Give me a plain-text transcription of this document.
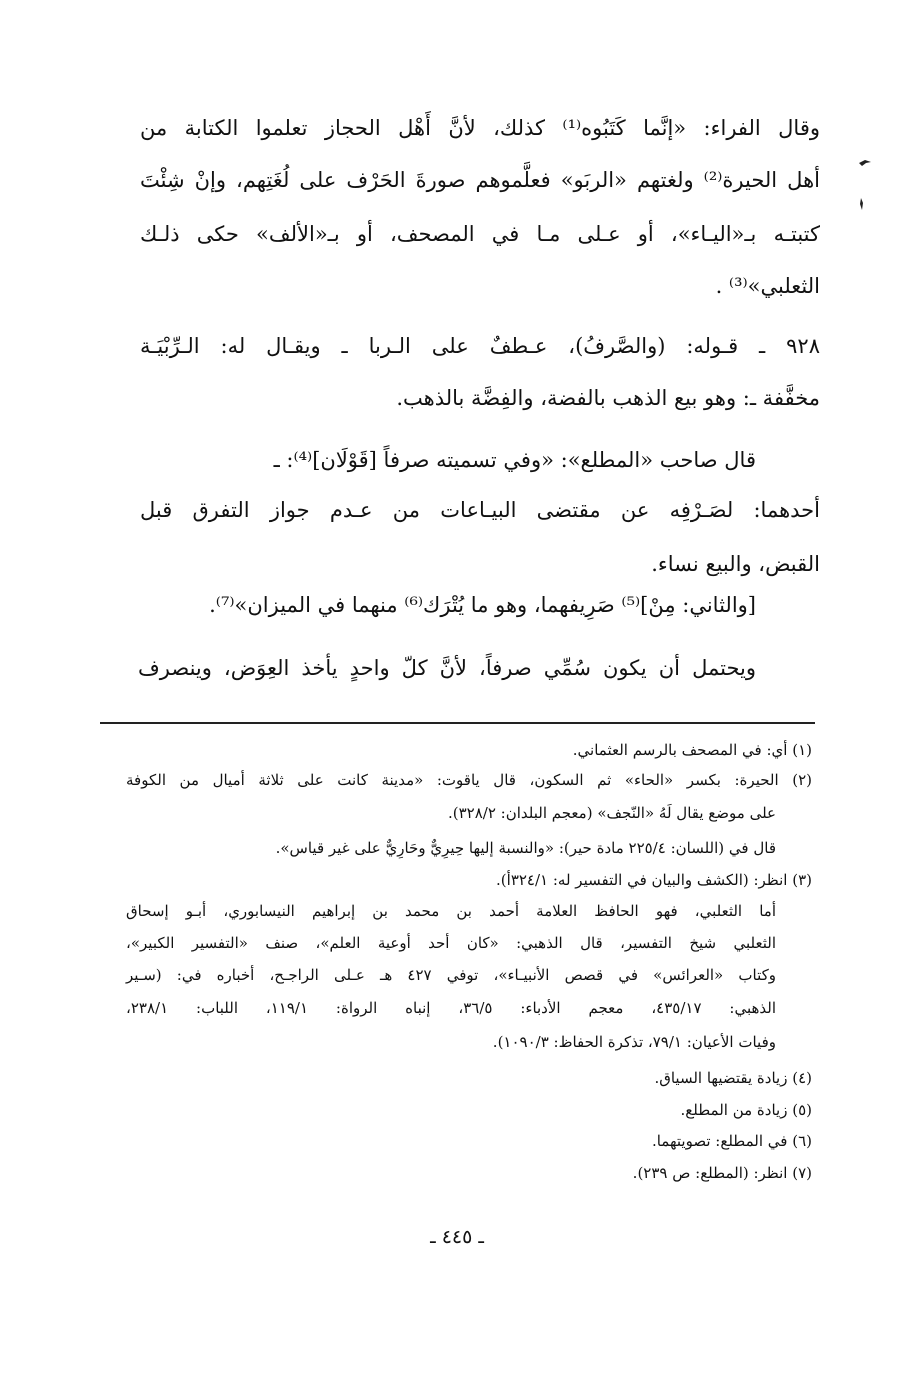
وقال الفراء: «إنَّما كَتَبُوه⁽¹⁾ كذلك، لأنَّ أَهْل الحجاز تعلموا الكتابة من
أهل الحيرة⁽²⁾ ولغتهم «الربَو» فعلَّموهم صورةَ الحَرْف على لُغَتِهم، وإنْ شِئْتَ
كتبتـه بـ«اليـاء»، أو عـلى مـا في المصحف، أو بـ«الألف» حكى ذلـك
الثعلبي»⁽³⁾ .
٩٢٨ ـ قـوله: (والصَّرفُ)، عـطفٌ على الـربا ـ ويقـال له: الـرِّبْيَـة
مخفَّفة ـ: وهو بيع الذهب بالفضة، والفِضَّة بالذهب.
قال صاحب «المطلع»: «وفي تسميته صرفاً [قَوْلَان]⁽⁴⁾: ـ
أحدهما: لصَـرْفِه عن مقتضى البيـاعات من عـدم جواز التفرق قبل
القبض، والبيع نساء.
[والثاني: مِنْ]⁽⁵⁾ صَرِيفهما، وهو ما يُتْرَك⁽⁶⁾ منهما في الميزان»⁽⁷⁾.
ويحتمل أن يكون سُمِّي صرفاً، لأنَّ كلّ واحدٍ يأخذ العِوَض، وينصرف
(١) أي: في المصحف بالرسم العثماني.
(٢) الحيرة: بكسر «الحاء» ثم السكون، قال ياقوت: «مدينة كانت على ثلاثة أميال من الكوفة
على موضع يقال لَهُ «النّجف» (معجم البلدان: ٣٢٨/٢).
قال في (اللسان: ٢٢٥/٤ مادة حير): «والنسبة إليها حِيرِيٌّ وحَارِيٌّ على غير قياس».
(٣) انظر: (الكشف والبيان في التفسير له: ٣٢٤/١أ).
أما الثعلبي، فهو الحافظ العلامة أحمد بن محمد بن إبراهيم النيسابوري، أبـو إسحاق
الثعلبي شيخ التفسير، قال الذهبي: «كان أحد أوعية العلم»، صنف «التفسير الكبير»،
وكتاب «العرائس» في قصص الأنبيـاء»، توفي ٤٢٧ هـ عـلى الراجـح، أخباره في: (سـير
الذهبي: ٤٣٥/١٧، معجم الأدباء: ٣٦/٥، إنباه الرواة: ١١٩/١، اللباب: ٢٣٨/١،
وفيات الأعيان: ٧٩/١، تذكرة الحفاظ: ١٠٩٠/٣).
(٤) زيادة يقتضيها السياق.
(٥) زيادة من المطلع.
(٦) في المطلع: تصويتهما.
(٧) انظر: (المطلع: ص ٢٣٩).
ـ ٤٤٥ ـ
